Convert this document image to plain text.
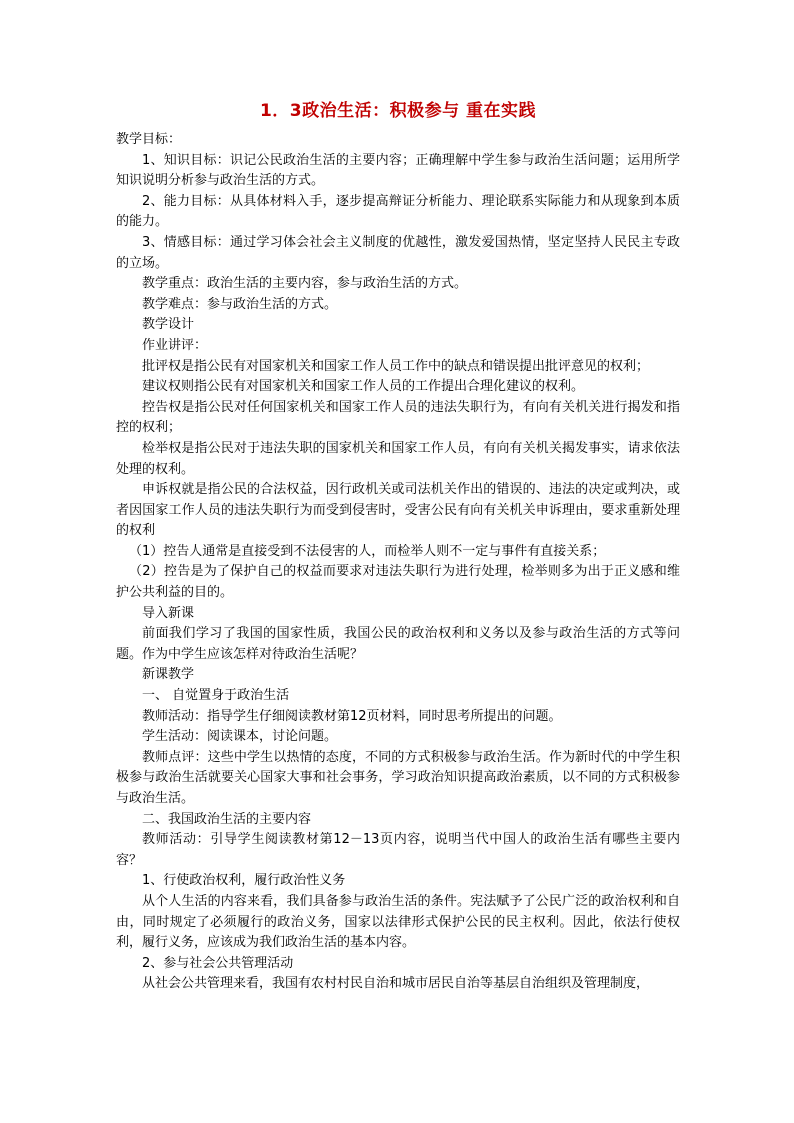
1．3政治生活：积极参与 重在实践

教学目标：

1、知识目标：识记公民政治生活的主要内容；正确理解中学生参与政治生活问题；运用所学知识说明分析参与政治生活的方式。

2、能力目标：从具体材料入手，逐步提高辩证分析能力、理论联系实际能力和从现象到本质的能力。

3、情感目标：通过学习体会社会主义制度的优越性，激发爱国热情，坚定坚持人民民主专政的立场。

教学重点：政治生活的主要内容，参与政治生活的方式。

教学难点：参与政治生活的方式。

教学设计

作业讲评：

批评权是指公民有对国家机关和国家工作人员工作中的缺点和错误提出批评意见的权利；

建议权则指公民有对国家机关和国家工作人员的工作提出合理化建议的权利。

控告权是指公民对任何国家机关和国家工作人员的违法失职行为，有向有关机关进行揭发和指控的权利；

检举权是指公民对于违法失职的国家机关和国家工作人员，有向有关机关揭发事实，请求依法处理的权利。

申诉权就是指公民的合法权益，因行政机关或司法机关作出的错误的、违法的决定或判决，或者因国家工作人员的违法失职行为而受到侵害时，受害公民有向有关机关申诉理由，要求重新处理的权利

（1）控告人通常是直接受到不法侵害的人，而检举人则不一定与事件有直接关系；

（2）控告是为了保护自己的权益而要求对违法失职行为进行处理，检举则多为出于正义感和维护公共利益的目的。

导入新课

前面我们学习了我国的国家性质，我国公民的政治权利和义务以及参与政治生活的方式等问题。作为中学生应该怎样对待政治生活呢？

新课教学

一、 自觉置身于政治生活

教师活动：指导学生仔细阅读教材第12页材料，同时思考所提出的问题。

学生活动：阅读课本，讨论问题。

教师点评：这些中学生以热情的态度，不同的方式积极参与政治生活。作为新时代的中学生积极参与政治生活就要关心国家大事和社会事务，学习政治知识提高政治素质，以不同的方式积极参与政治生活。

二、我国政治生活的主要内容

教师活动：引导学生阅读教材第12－13页内容，说明当代中国人的政治生活有哪些主要内容？

1、行使政治权利，履行政治性义务

从个人生活的内容来看，我们具备参与政治生活的条件。宪法赋予了公民广泛的政治权利和自由，同时规定了必须履行的政治义务，国家以法律形式保护公民的民主权利。因此，依法行使权利，履行义务，应该成为我们政治生活的基本内容。

2、参与社会公共管理活动

从社会公共管理来看，我国有农村村民自治和城市居民自治等基层自治组织及管理制度，
